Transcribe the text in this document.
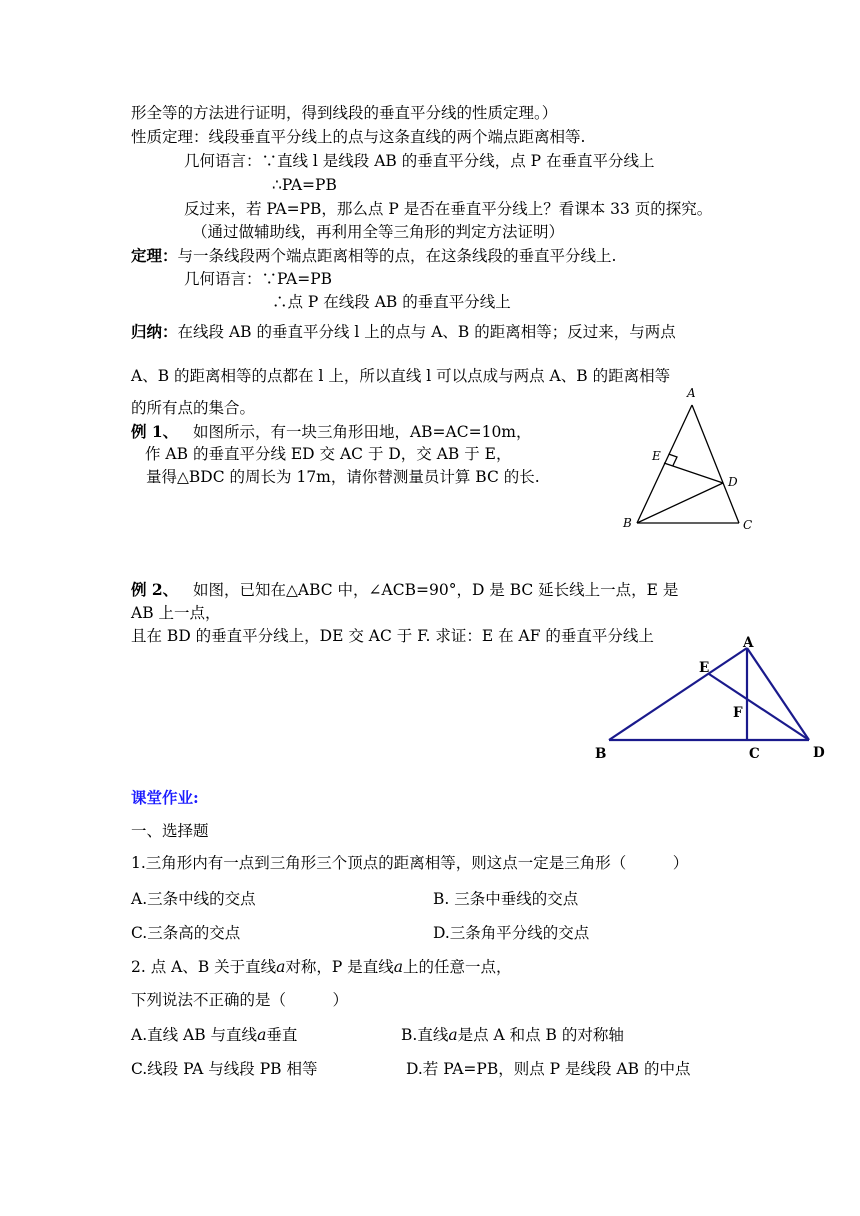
形全等的方法进行证明，得到线段的垂直平分线的性质定理。）
性质定理：线段垂直平分线上的点与这条直线的两个端点距离相等.
几何语言：∵直线 l 是线段 AB 的垂直平分线，点 P 在垂直平分线上
∴PA=PB
反过来，若 PA=PB，那么点 P 是否在垂直平分线上？看课本 33 页的探究。
（通过做辅助线，再利用全等三角形的判定方法证明）
定理：与一条线段两个端点距离相等的点，在这条线段的垂直平分线上.
几何语言：∵PA=PB
∴点 P 在线段 AB 的垂直平分线上
归纳：在线段 AB 的垂直平分线 l 上的点与 A、B 的距离相等；反过来，与两点
A、B 的距离相等的点都在 l 上，所以直线 l 可以点成与两点 A、B 的距离相等
的所有点的集合。
例 1、 如图所示，有一块三角形田地，AB=AC=10m，
作 AB 的垂直平分线 ED 交 AC 于 D，交 AB 于 E，
量得△BDC 的周长为 17m，请你替测量员计算 BC 的长.
A
E
D
B	C
例 2、 如图，已知在△ABC 中，∠ACB=90°，D 是 BC 延长线上一点，E 是
AB 上一点，
且在 BD 的垂直平分线上，DE 交 AC 于 F. 求证：E 在 AF 的垂直平分线上	A
E
F
B	C	D
课堂作业:
一、选择题
1.三角形内有一点到三角形三个顶点的距离相等，则这点一定是三角形（　　　）
A.三条中线的交点	B. 三条中垂线的交点
C.三条高的交点	D.三条角平分线的交点
2. 点 A、B 关于直线a对称，P 是直线a上的任意一点，
下列说法不正确的是（　　　）
A.直线 AB 与直线a垂直	B.直线a是点 A 和点 B 的对称轴
C.线段 PA 与线段 PB 相等	D.若 PA=PB，则点 P 是线段 AB 的中点
